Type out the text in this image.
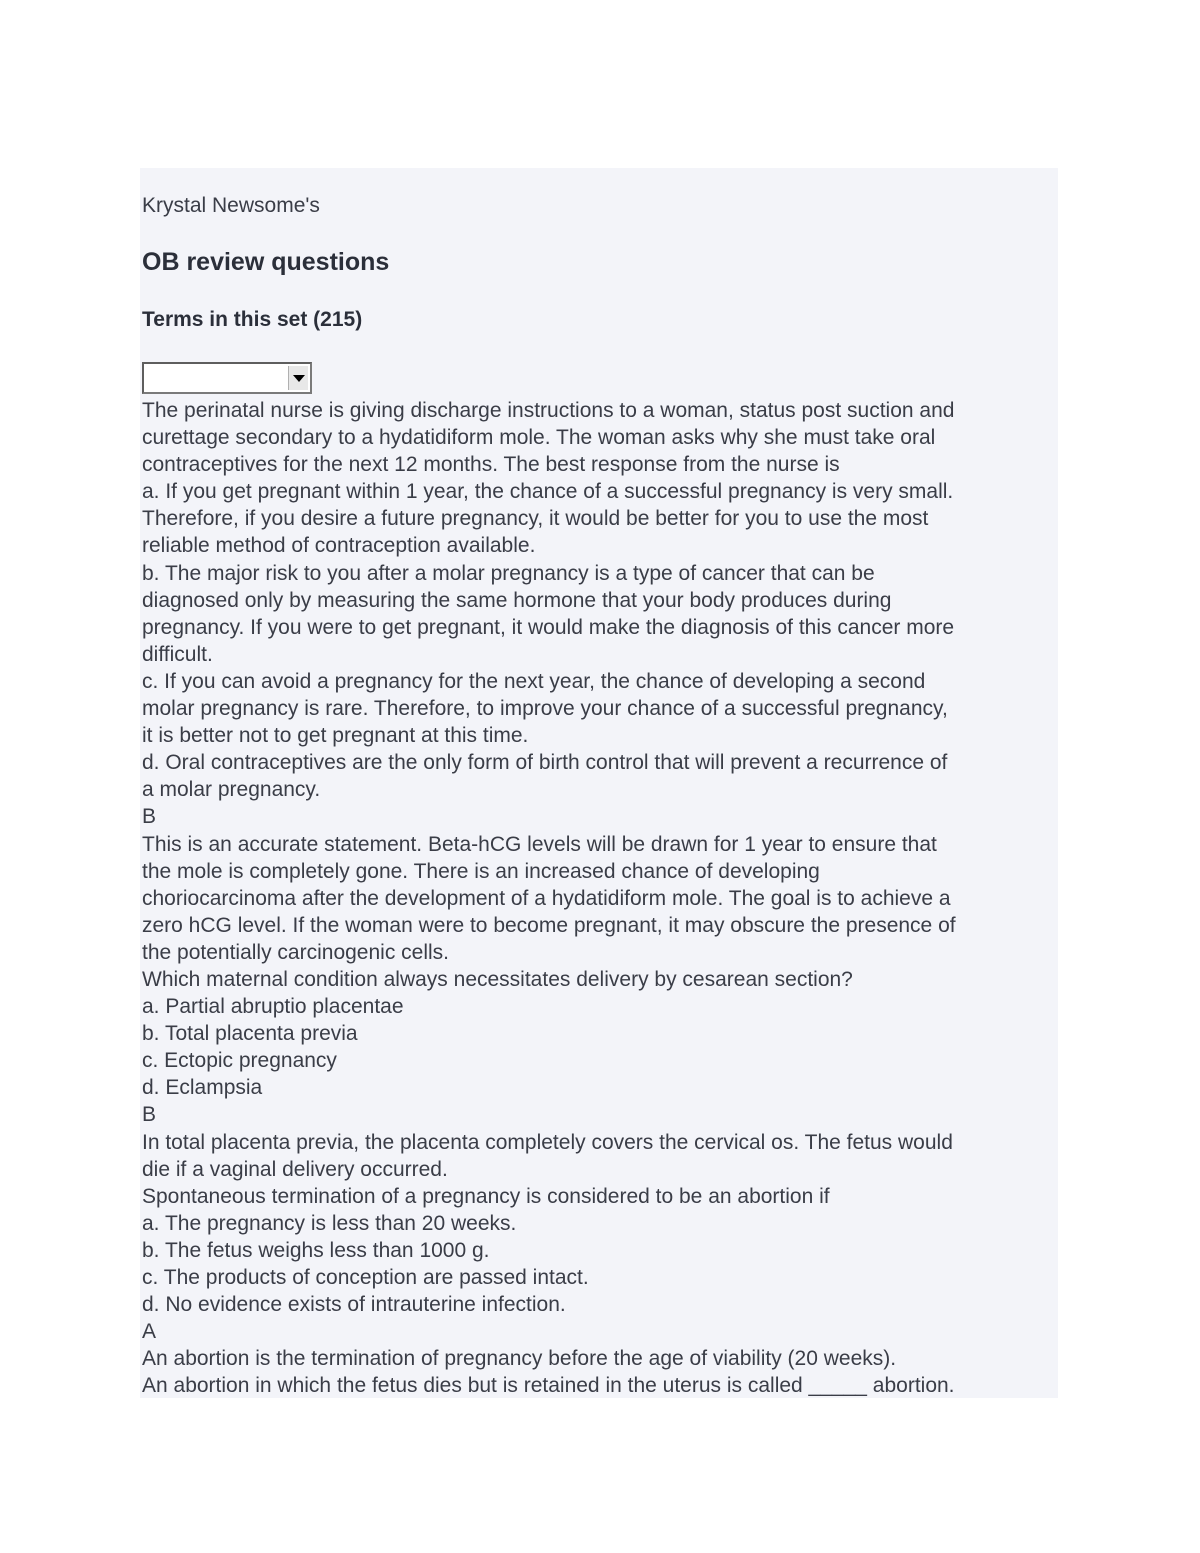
Krystal Newsome's

OB review questions
Terms in this set (215)
The perinatal nurse is giving discharge instructions to a woman, status post suction and
curettage secondary to a hydatidiform mole. The woman asks why she must take oral
contraceptives for the next 12 months. The best response from the nurse is
a. If you get pregnant within 1 year, the chance of a successful pregnancy is very small.
Therefore, if you desire a future pregnancy, it would be better for you to use the most
reliable method of contraception available.
b. The major risk to you after a molar pregnancy is a type of cancer that can be
diagnosed only by measuring the same hormone that your body produces during
pregnancy. If you were to get pregnant, it would make the diagnosis of this cancer more
difficult.
c. If you can avoid a pregnancy for the next year, the chance of developing a second
molar pregnancy is rare. Therefore, to improve your chance of a successful pregnancy,
it is better not to get pregnant at this time.
d. Oral contraceptives are the only form of birth control that will prevent a recurrence of
a molar pregnancy.
B
This is an accurate statement. Beta-hCG levels will be drawn for 1 year to ensure that
the mole is completely gone. There is an increased chance of developing
choriocarcinoma after the development of a hydatidiform mole. The goal is to achieve a
zero hCG level. If the woman were to become pregnant, it may obscure the presence of
the potentially carcinogenic cells.
Which maternal condition always necessitates delivery by cesarean section?
a. Partial abruptio placentae
b. Total placenta previa
c. Ectopic pregnancy
d. Eclampsia
B
In total placenta previa, the placenta completely covers the cervical os. The fetus would
die if a vaginal delivery occurred.
Spontaneous termination of a pregnancy is considered to be an abortion if
a. The pregnancy is less than 20 weeks.
b. The fetus weighs less than 1000 g.
c. The products of conception are passed intact.
d. No evidence exists of intrauterine infection.
A
An abortion is the termination of pregnancy before the age of viability (20 weeks).
An abortion in which the fetus dies but is retained in the uterus is called _____ abortion.
